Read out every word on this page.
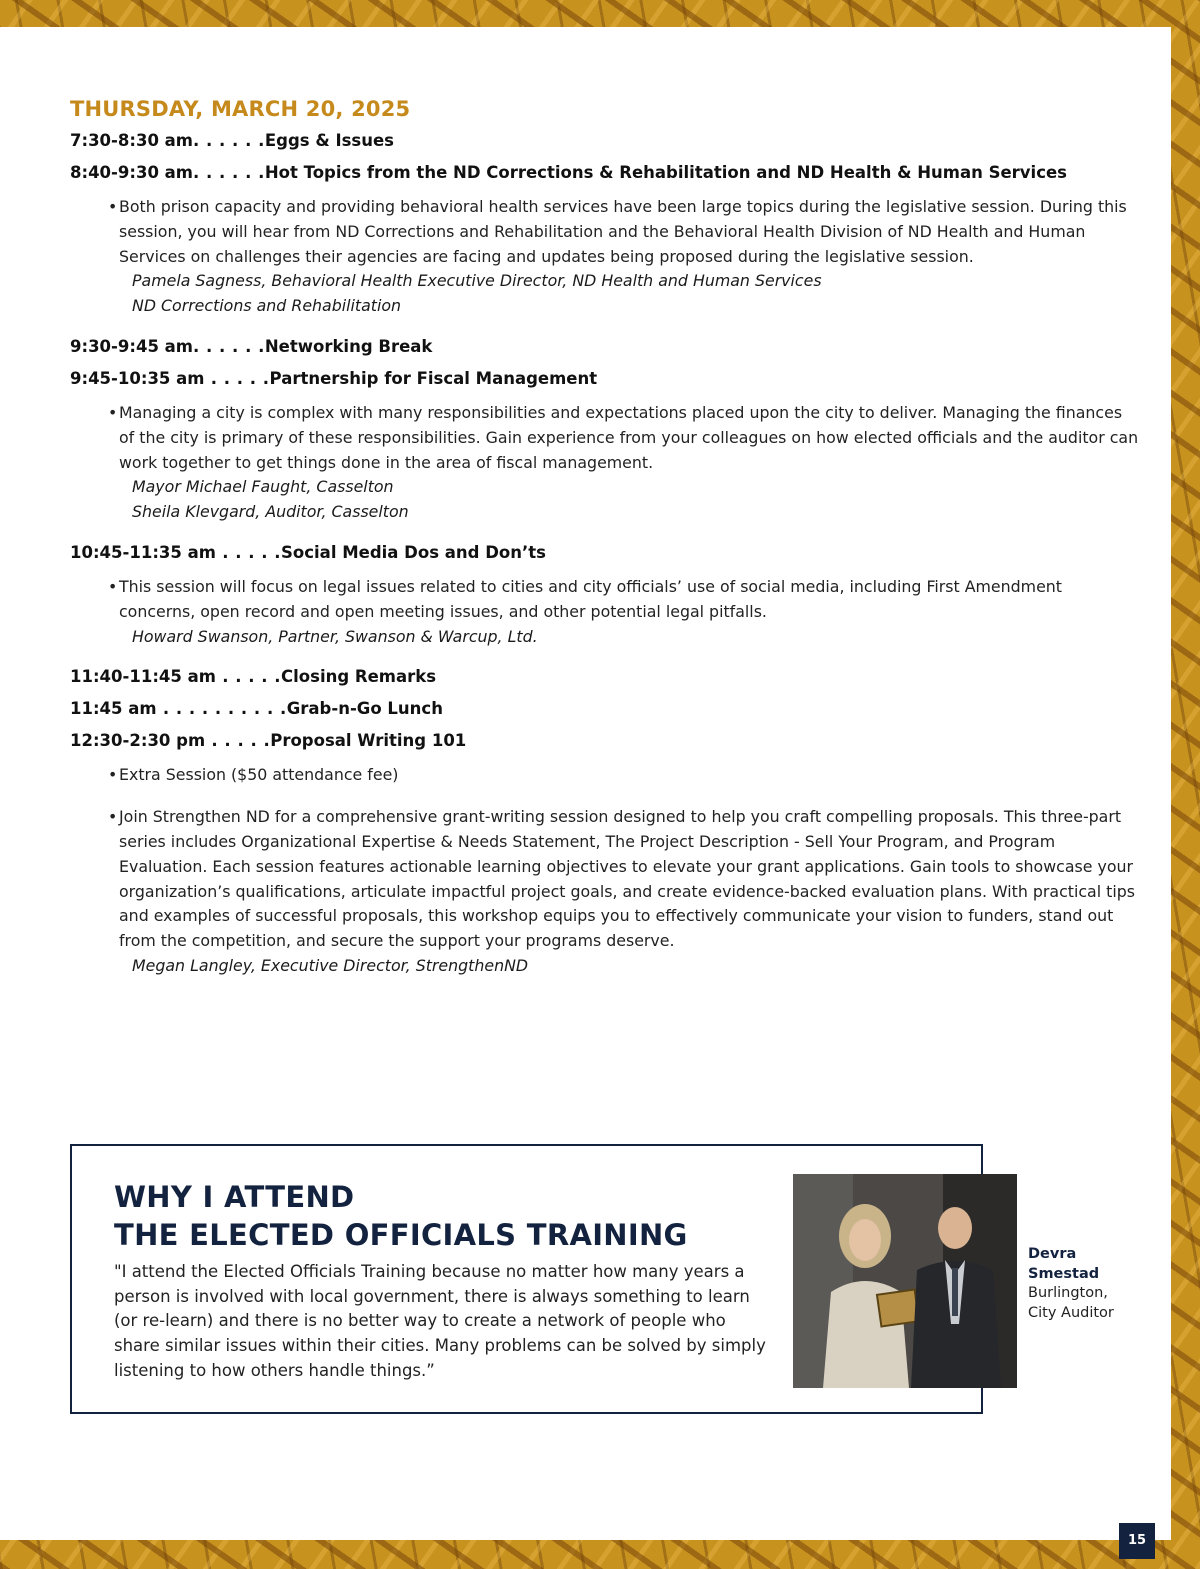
THURSDAY, MARCH 20, 2025
7:30-8:30 am. . . . . .Eggs & Issues
8:40-9:30 am. . . . . .Hot Topics from the ND Corrections & Rehabilitation and ND Health & Human Services
• Both prison capacity and providing behavioral health services have been large topics during the legislative session. During this session, you will hear from ND Corrections and Rehabilitation and the Behavioral Health Division of ND Health and Human Services on challenges their agencies are facing and updates being proposed during the legislative session.
Pamela Sagness, Behavioral Health Executive Director, ND Health and Human Services
ND Corrections and Rehabilitation
9:30-9:45 am. . . . . .Networking Break
9:45-10:35 am . . . . .Partnership for Fiscal Management
• Managing a city is complex with many responsibilities and expectations placed upon the city to deliver. Managing the finances of the city is primary of these responsibilities. Gain experience from your colleagues on how elected officials and the auditor can work together to get things done in the area of fiscal management.
Mayor Michael Faught, Casselton
Sheila Klevgard, Auditor, Casselton
10:45-11:35 am . . . . .Social Media Dos and Don’ts
• This session will focus on legal issues related to cities and city officials’ use of social media, including First Amendment concerns, open record and open meeting issues, and other potential legal pitfalls.
Howard Swanson, Partner, Swanson & Warcup, Ltd.
11:40-11:45 am . . . . .Closing Remarks
11:45 am . . . . . . . . . .Grab-n-Go Lunch
12:30-2:30 pm . . . . .Proposal Writing 101
• Extra Session ($50 attendance fee)
• Join Strengthen ND for a comprehensive grant-writing session designed to help you craft compelling proposals. This three-part series includes Organizational Expertise & Needs Statement, The Project Description - Sell Your Program, and Program Evaluation. Each session features actionable learning objectives to elevate your grant applications. Gain tools to showcase your organization’s qualifications, articulate impactful project goals, and create evidence-backed evaluation plans. With practical tips and examples of successful proposals, this workshop equips you to effectively communicate your vision to funders, stand out from the competition, and secure the support your programs deserve.
Megan Langley, Executive Director, StrengthenND
WHY I ATTEND
THE ELECTED OFFICIALS TRAINING
"I attend the Elected Officials Training because no matter how many years a person is involved with local government, there is always something to learn (or re-learn) and there is no better way to create a network of people who share similar issues within their cities. Many problems can be solved by simply listening to how others handle things.”
Devra
Smestad
Burlington,
City Auditor
15
